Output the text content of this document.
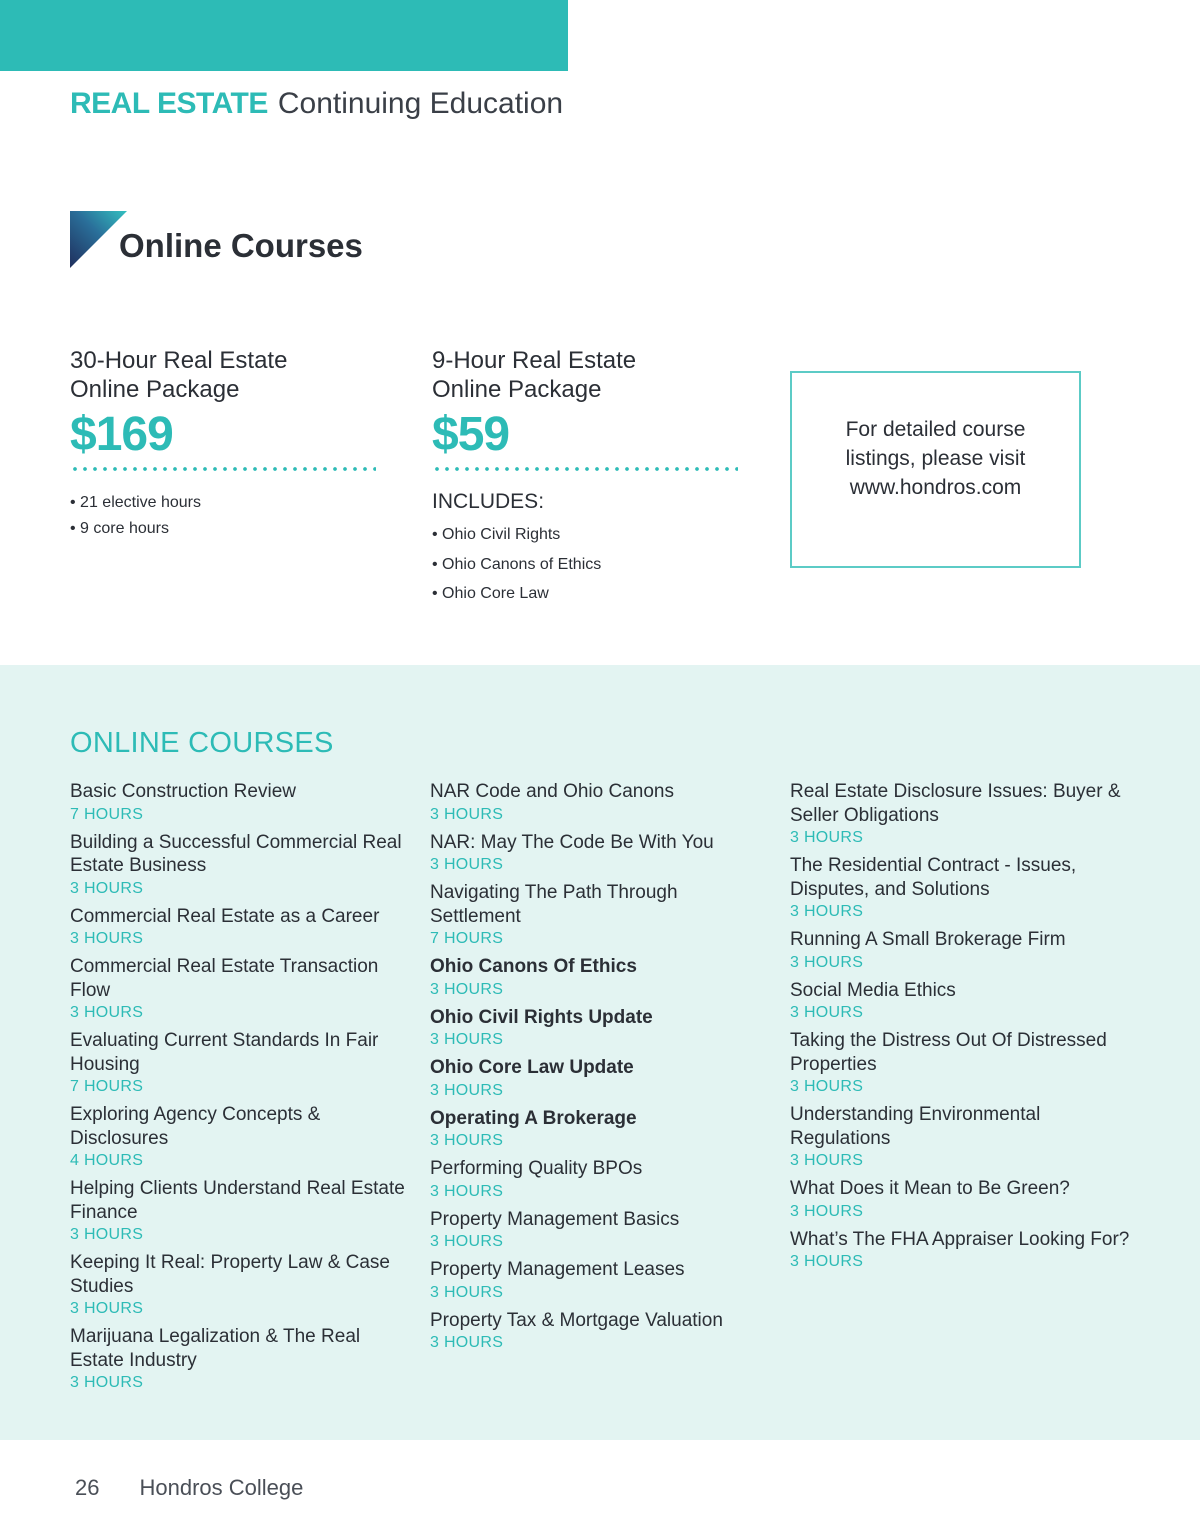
REAL ESTATE Continuing Education
Online Courses
30-Hour Real Estate
Online Package
$169
• 21 elective hours
• 9 core hours
9-Hour Real Estate
Online Package
$59
INCLUDES:
• Ohio Civil Rights
• Ohio Canons of Ethics
• Ohio Core Law

For detailed course
listings, please visit
www.hondros.com

ONLINE COURSES
Basic Construction Review
7 HOURS
Building a Successful Commercial Real Estate Business
3 HOURS
Commercial Real Estate as a Career
3 HOURS
Commercial Real Estate Transaction Flow
3 HOURS
Evaluating Current Standards In Fair Housing
7 HOURS
Exploring Agency Concepts & Disclosures
4 HOURS
Helping Clients Understand Real Estate Finance
3 HOURS
Keeping It Real: Property Law & Case Studies
3 HOURS
Marijuana Legalization & The Real Estate Industry
3 HOURS
NAR Code and Ohio Canons
3 HOURS
NAR: May The Code Be With You
3 HOURS
Navigating The Path Through Settlement
7 HOURS
Ohio Canons Of Ethics
3 HOURS
Ohio Civil Rights Update
3 HOURS
Ohio Core Law Update
3 HOURS
Operating A Brokerage
3 HOURS
Performing Quality BPOs
3 HOURS
Property Management Basics
3 HOURS
Property Management Leases
3 HOURS
Property Tax & Mortgage Valuation
3 HOURS
Real Estate Disclosure Issues: Buyer & Seller Obligations
3 HOURS
The Residential Contract - Issues, Disputes, and Solutions
3 HOURS
Running A Small Brokerage Firm
3 HOURS
Social Media Ethics
3 HOURS
Taking the Distress Out Of Distressed Properties
3 HOURS
Understanding Environmental Regulations
3 HOURS
What Does it Mean to Be Green?
3 HOURS
What’s The FHA Appraiser Looking For?
3 HOURS
26 Hondros College
